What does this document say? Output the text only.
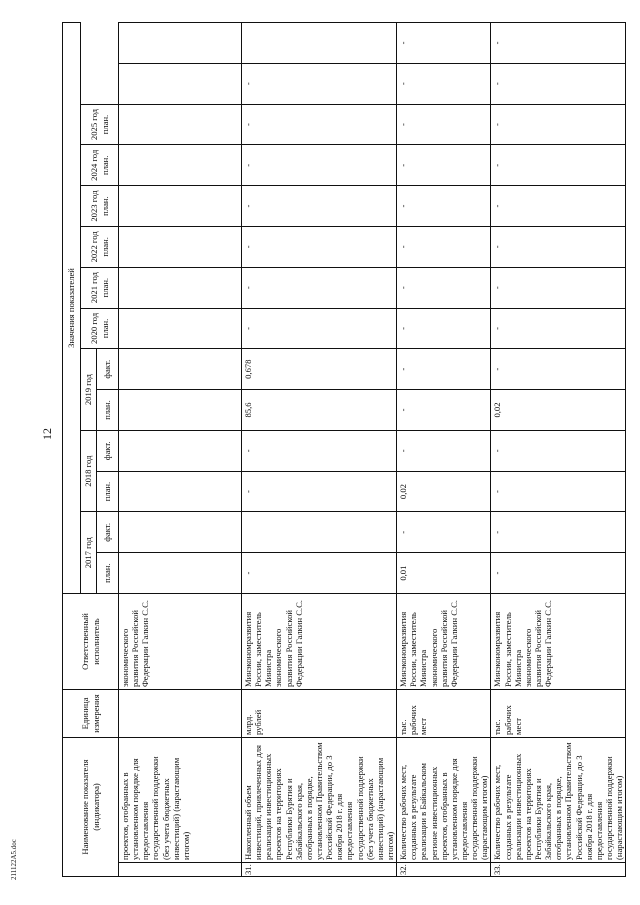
12
211122А5.doc
Наименование показателя (индикатора)		Единица измерения	Ответственный исполнитель	Значения показателей													
				2017 год		2018 год		2019 год		2020 год план.	2021 год план.	2022 год план.	2023 год план.	2024 год план.	2025 год план.		
				план.	факт.	план.	факт.	план.	факт.								
	проектов, отобранных в установленном порядке для предоставления государственной поддержки (без учета бюджетных инвестиций) (нарастающим итогом)		экономического развития Российской Федерации Галкин С.С.														
31.	Накопленный объем инвестиций, привлеченных для реализации инвестиционных проектов на территориях Республики Бурятия и Забайкальского края, отобранных в порядке, установленном Правительством Российской Федерации, до 3 ноября 2018 г. для предоставления государственной поддержки (без учета бюджетных инвестиций) (нарастающим итогом)	млрд. рублей	Минэкономразвития России, заместитель Министра экономического развития Российской Федерации Галкин С.С.	-		-	-	85,6	0,678	-	-	-	-	-	-	-	
32.	Количество рабочих мест, созданных в результате реализации в Байкальском регионе инвестиционных проектов, отобранных в установленном порядке для предоставления государственной поддержки (нарастающим итогом)	тыс. рабочих мест	Минэкономразвития России, заместитель Министра экономического развития Российской Федерации Галкин С.С.	0,01	-	0,02	-	-	-	-	-	-	-	-	-	-	-
33.	Количество рабочих мест, созданных в результате реализации инвестиционных проектов на территориях Республики Бурятия и Забайкальского края, отобранных в порядке, установленном Правительством Российской Федерации, до 3 ноября 2018 г. для предоставления государственной поддержки (нарастающим итогом)	тыс. рабочих мест	Минэкономразвития России, заместитель Министра экономического развития Российской Федерации Галкин С.С.	-	-	-	-	0,02	-	-	-	-	-	-	-	-	-
